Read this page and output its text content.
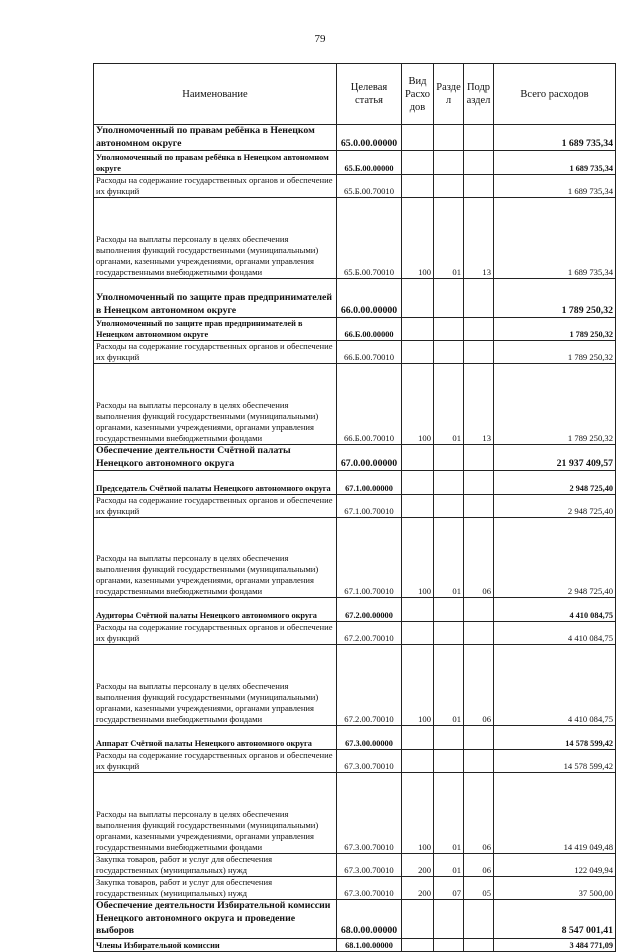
79
Наименование	Целевая статья	Вид Расхо дов	Разде л	Подр аздел	Всего расходов
Уполномоченный по правам ребёнка в Ненецком автономном округе	65.0.00.00000				1 689 735,34
Уполномоченный по правам ребёнка в Ненецком автономном округе	65.Б.00.00000				1 689 735,34
Расходы на содержание государственных органов и обеспечение их функций	65.Б.00.70010				1 689 735,34
Расходы на выплаты персоналу в целях обеспечения выполнения функций государственными (муниципальными) органами, казенными учреждениями, органами управления государственными внебюджетными фондами	65.Б.00.70010	100	01	13	1 689 735,34
Уполномоченный по защите прав предпринимателей в Ненецком автономном округе	66.0.00.00000				1 789 250,32
Уполномоченный по защите прав предпринимателей в Ненецком автономном округе	66.Б.00.00000				1 789 250,32
Расходы на содержание государственных органов и обеспечение их функций	66.Б.00.70010				1 789 250,32
Расходы на выплаты персоналу в целях обеспечения выполнения функций государственными (муниципальными) органами, казенными учреждениями, органами управления государственными внебюджетными фондами	66.Б.00.70010	100	01	13	1 789 250,32
Обеспечение деятельности Счётной палаты Ненецкого автономного округа	67.0.00.00000				21 937 409,57
Председатель Счётной палаты Ненецкого автономного округа	67.1.00.00000				2 948 725,40
Расходы на содержание государственных органов и обеспечение их функций	67.1.00.70010				2 948 725,40
Расходы на выплаты персоналу в целях обеспечения выполнения функций государственными (муниципальными) органами, казенными учреждениями, органами управления государственными внебюджетными фондами	67.1.00.70010	100	01	06	2 948 725,40
Аудиторы Счётной палаты Ненецкого автономного округа	67.2.00.00000				4 410 084,75
Расходы на содержание государственных органов и обеспечение их функций	67.2.00.70010				4 410 084,75
Расходы на выплаты персоналу в целях обеспечения выполнения функций государственными (муниципальными) органами, казенными учреждениями, органами управления государственными внебюджетными фондами	67.2.00.70010	100	01	06	4 410 084,75
Аппарат Счётной палаты Ненецкого автономного округа	67.3.00.00000				14 578 599,42
Расходы на содержание государственных органов и обеспечение их функций	67.3.00.70010				14 578 599,42
Расходы на выплаты персоналу в целях обеспечения выполнения функций государственными (муниципальными) органами, казенными учреждениями, органами управления государственными внебюджетными фондами	67.3.00.70010	100	01	06	14 419 049,48
Закупка товаров, работ и услуг для обеспечения государственных (муниципальных) нужд	67.3.00.70010	200	01	06	122 049,94
Закупка товаров, работ и услуг для обеспечения государственных (муниципальных) нужд	67.3.00.70010	200	07	05	37 500,00
Обеспечение деятельности Избирательной комиссии Ненецкого автономного округа и проведение выборов	68.0.00.00000				8 547 001,41
Члены Избирательной комиссии	68.1.00.00000				3 484 771,09
